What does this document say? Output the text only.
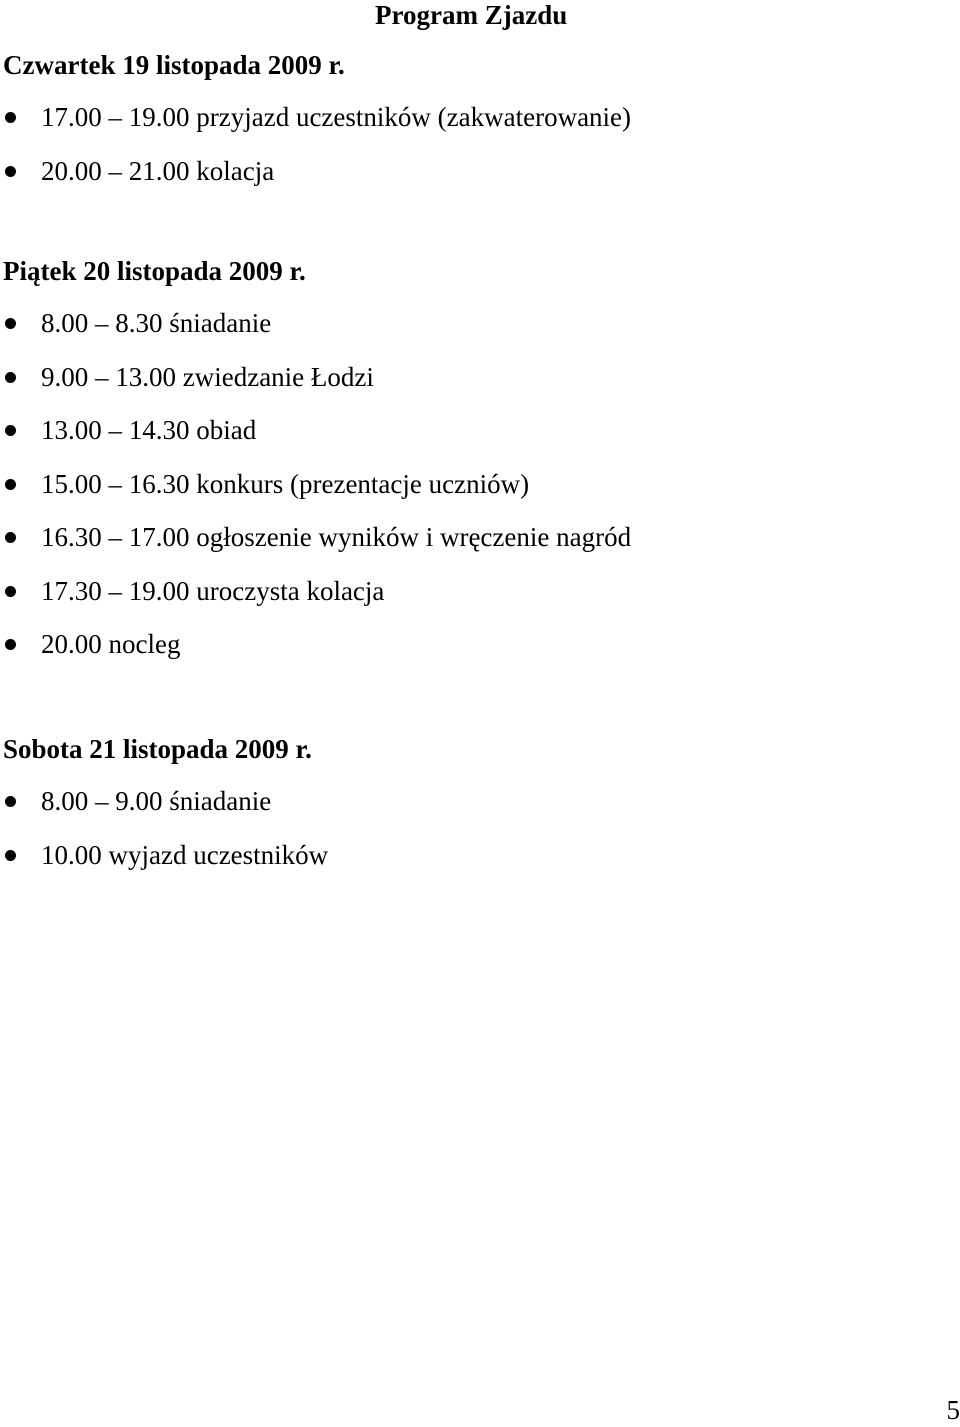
Program Zjazdu
Czwartek 19 listopada 2009 r.
17.00 – 19.00 przyjazd uczestników (zakwaterowanie)
20.00 – 21.00 kolacja
Piątek 20 listopada 2009 r.
8.00 – 8.30 śniadanie
9.00 – 13.00 zwiedzanie Łodzi
13.00 – 14.30 obiad
15.00 – 16.30 konkurs (prezentacje uczniów)
16.30 – 17.00 ogłoszenie wyników i wręczenie nagród
17.30 – 19.00 uroczysta kolacja
20.00 nocleg
Sobota 21 listopada 2009 r.
8.00 – 9.00 śniadanie
10.00 wyjazd uczestników
5
